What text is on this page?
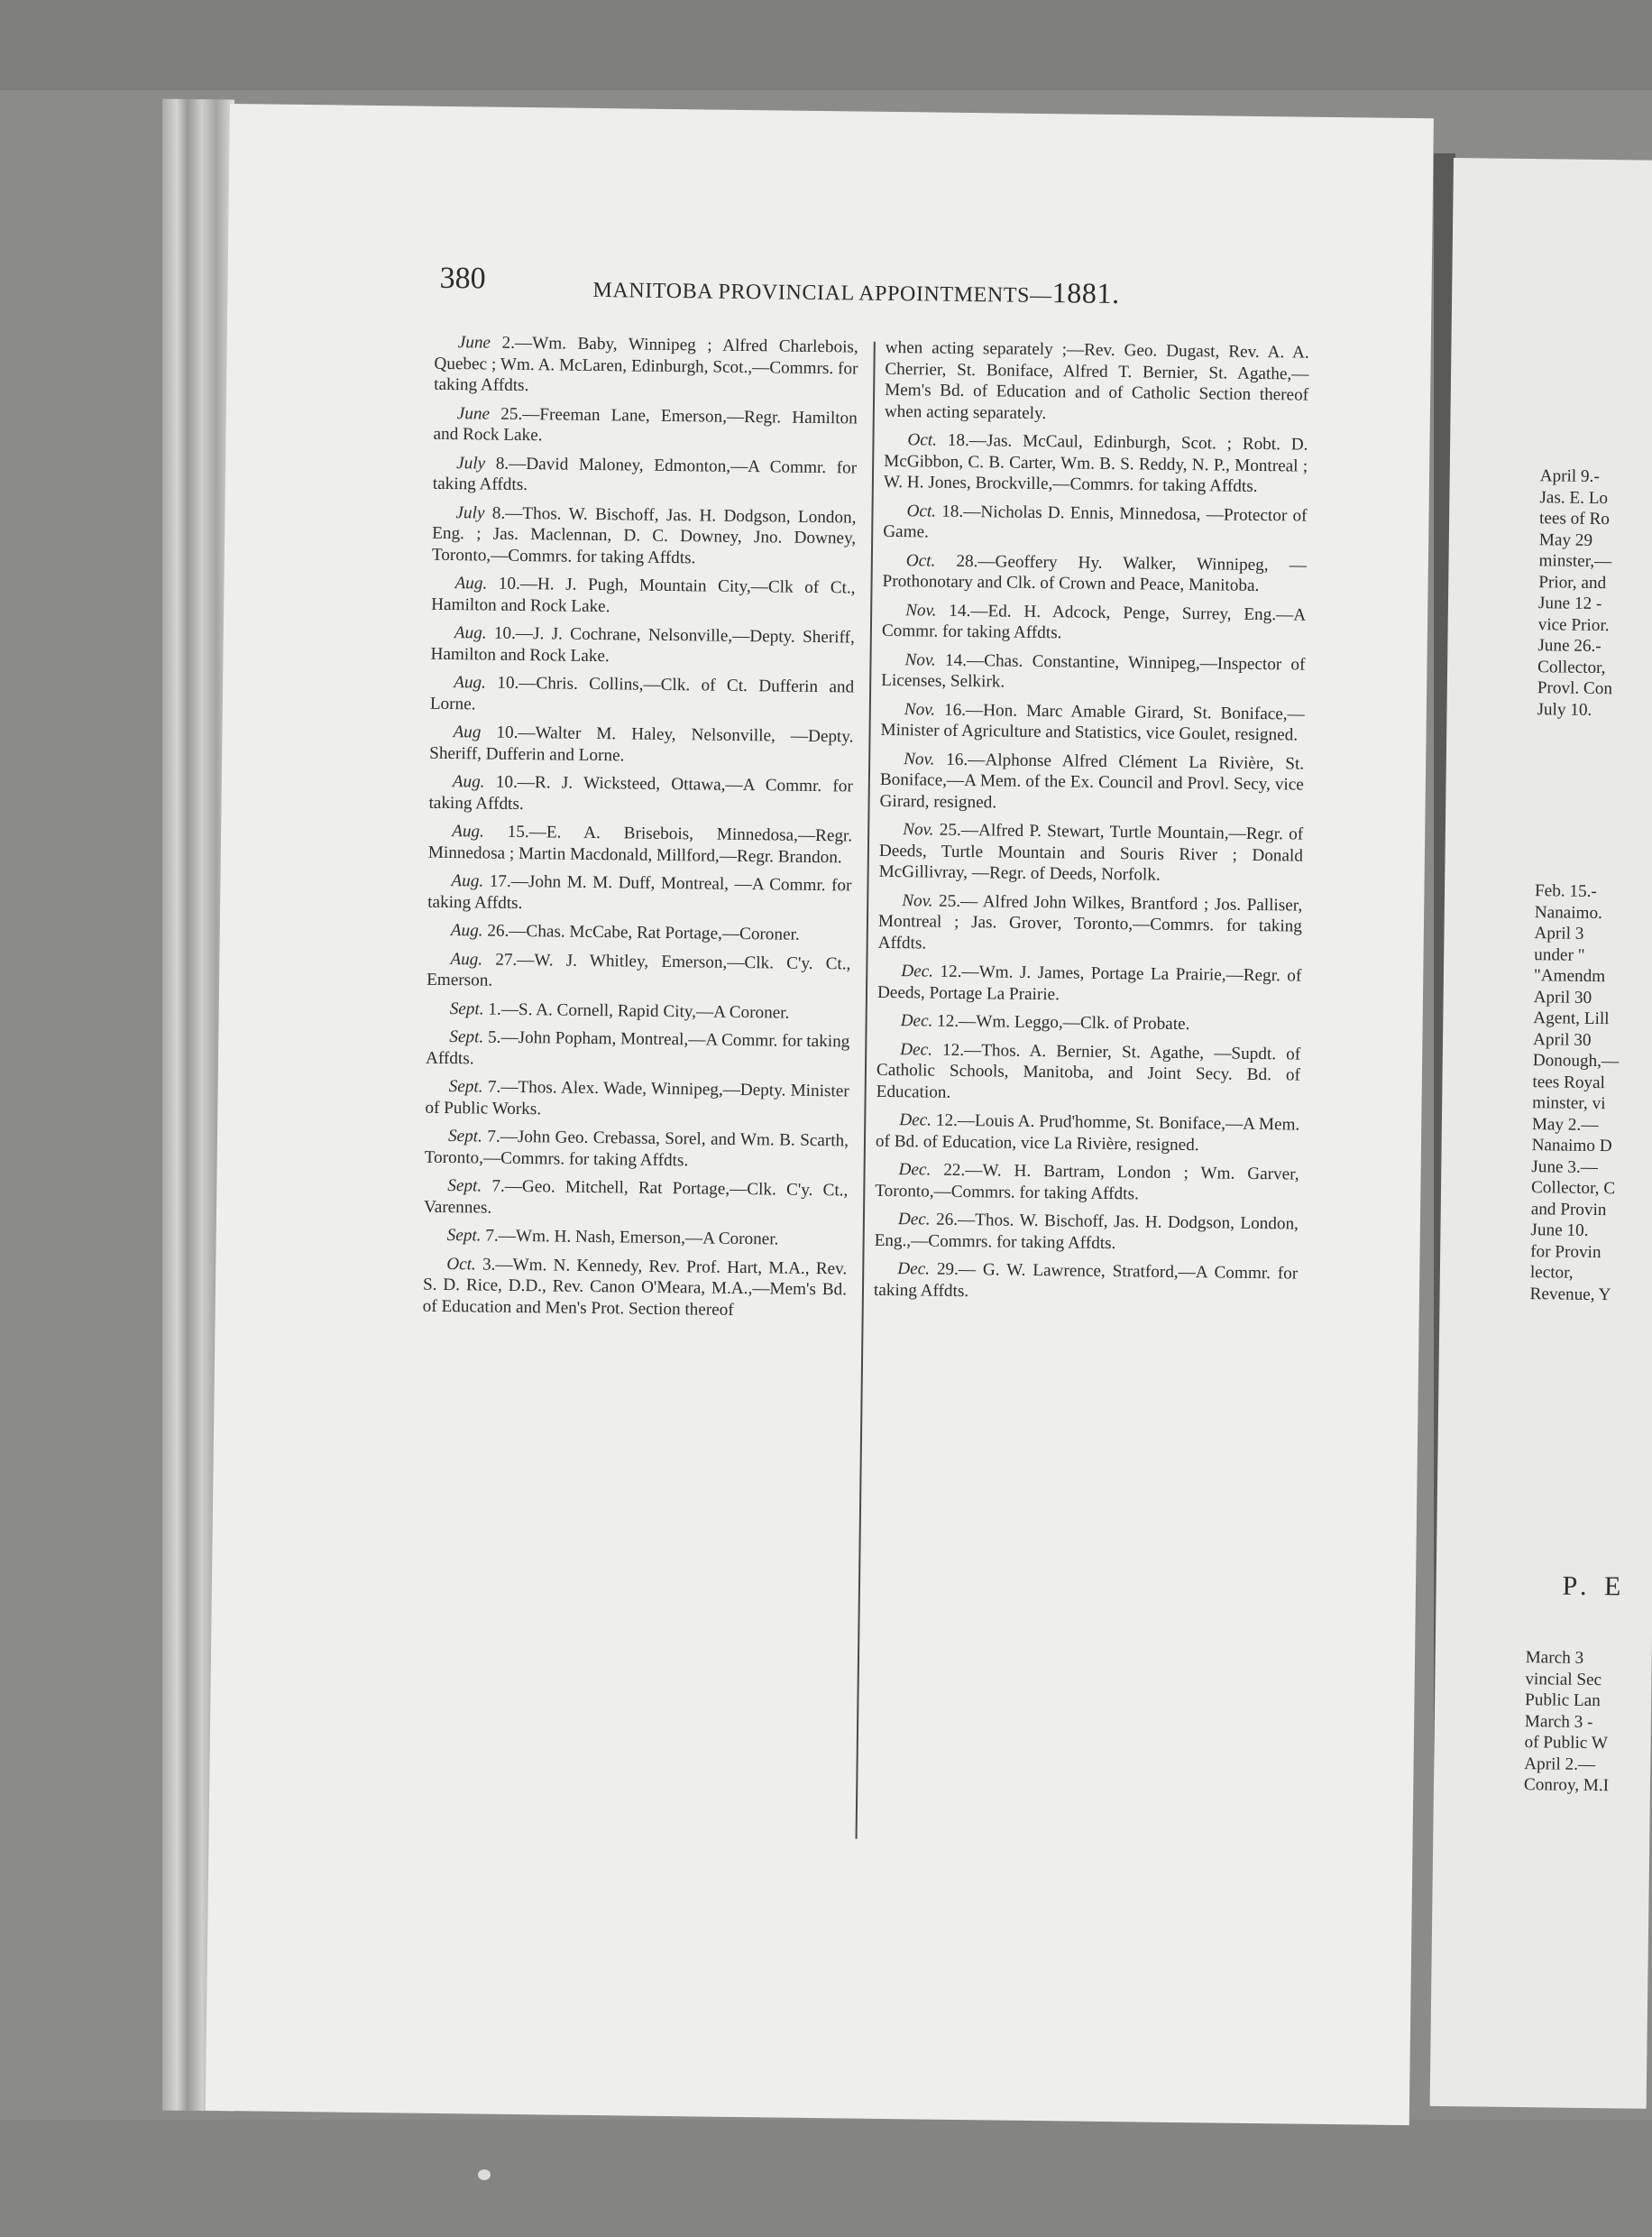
April 9.-
Jas. E. Lo
tees of Ro
May 29
minster,—
Prior, and
June 12 -
vice Prior.
June 26.-
Collector,
Provl. Con
July 10.
Feb. 15.-
Nanaimo.
April 3
under "
"Amendm
April 30
Agent, Lill
April 30
Donough,—
tees Royal
minster, vi
May 2.—
Nanaimo D
June 3.—
Collector, C
and Provin
June 10.
for Provin
lector,
Revenue, Y
P. E
March 3
vincial Sec
Public Lan
March 3 -
of Public W
April 2.—
Conroy, M.I
380	MANITOBA PROVINCIAL APPOINTMENTS—1881.

June 2.—Wm. Baby, Winnipeg ; Alfred Charlebois, Quebec ; Wm. A. McLaren, Edinburgh, Scot.,—Commrs. for taking Affdts.

June 25.—Freeman Lane, Emerson,—Regr. Hamilton and Rock Lake.

July 8.—David Maloney, Edmonton,—A Commr. for taking Affdts.

July 8.—Thos. W. Bischoff, Jas. H. Dodgson, London, Eng. ; Jas. Maclennan, D. C. Downey, Jno. Downey, Toronto,—Commrs. for taking Affdts.

Aug. 10.—H. J. Pugh, Mountain City,—Clk of Ct., Hamilton and Rock Lake.

Aug. 10.—J. J. Cochrane, Nelsonville,—Depty. Sheriff, Hamilton and Rock Lake.

Aug. 10.—Chris. Collins,—Clk. of Ct. Dufferin and Lorne.

Aug 10.—Walter M. Haley, Nelsonville, —Depty. Sheriff, Dufferin and Lorne.

Aug. 10.—R. J. Wicksteed, Ottawa,—A Commr. for taking Affdts.

Aug. 15.—E. A. Brisebois, Minnedosa,—Regr. Minnedosa ; Martin Macdonald, Millford,—Regr. Brandon.

Aug. 17.—John M. M. Duff, Montreal, —A Commr. for taking Affdts.

Aug. 26.—Chas. McCabe, Rat Portage,—Coroner.

Aug. 27.—W. J. Whitley, Emerson,—Clk. C'y. Ct., Emerson.

Sept. 1.—S. A. Cornell, Rapid City,—A Coroner.

Sept. 5.—John Popham, Montreal,—A Commr. for taking Affdts.

Sept. 7.—Thos. Alex. Wade, Winnipeg,—Depty. Minister of Public Works.

Sept. 7.—John Geo. Crebassa, Sorel, and Wm. B. Scarth, Toronto,—Commrs. for taking Affdts.

Sept. 7.—Geo. Mitchell, Rat Portage,—Clk. C'y. Ct., Varennes.

Sept. 7.—Wm. H. Nash, Emerson,—A Coroner.

Oct. 3.—Wm. N. Kennedy, Rev. Prof. Hart, M.A., Rev. S. D. Rice, D.D., Rev. Canon O'Meara, M.A.,—Mem's Bd. of Education and Men's Prot. Section thereof

when acting separately ;—Rev. Geo. Dugast, Rev. A. A. Cherrier, St. Boniface, Alfred T. Bernier, St. Agathe,—Mem's Bd. of Education and of Catholic Section thereof when acting separately.

Oct. 18.—Jas. McCaul, Edinburgh, Scot. ; Robt. D. McGibbon, C. B. Carter, Wm. B. S. Reddy, N. P., Montreal ; W. H. Jones, Brockville,—Commrs. for taking Affdts.

Oct. 18.—Nicholas D. Ennis, Minnedosa, —Protector of Game.

Oct. 28.—Geoffery Hy. Walker, Winnipeg, —Prothonotary and Clk. of Crown and Peace, Manitoba.

Nov. 14.—Ed. H. Adcock, Penge, Surrey, Eng.—A Commr. for taking Affdts.

Nov. 14.—Chas. Constantine, Winnipeg,—Inspector of Licenses, Selkirk.

Nov. 16.—Hon. Marc Amable Girard, St. Boniface,—Minister of Agriculture and Statistics, vice Goulet, resigned.

Nov. 16.—Alphonse Alfred Clément La Rivière, St. Boniface,—A Mem. of the Ex. Council and Provl. Secy, vice Girard, resigned.

Nov. 25.—Alfred P. Stewart, Turtle Mountain,—Regr. of Deeds, Turtle Mountain and Souris River ; Donald McGillivray, —Regr. of Deeds, Norfolk.

Nov. 25.— Alfred John Wilkes, Brantford ; Jos. Palliser, Montreal ; Jas. Grover, Toronto,—Commrs. for taking Affdts.

Dec. 12.—Wm. J. James, Portage La Prairie,—Regr. of Deeds, Portage La Prairie.

Dec. 12.—Wm. Leggo,—Clk. of Probate.

Dec. 12.—Thos. A. Bernier, St. Agathe, —Supdt. of Catholic Schools, Manitoba, and Joint Secy. Bd. of Education.

Dec. 12.—Louis A. Prud'homme, St. Boniface,—A Mem. of Bd. of Education, vice La Rivière, resigned.

Dec. 22.—W. H. Bartram, London ; Wm. Garver, Toronto,—Commrs. for taking Affdts.

Dec. 26.—Thos. W. Bischoff, Jas. H. Dodgson, London, Eng.,—Commrs. for taking Affdts.

Dec. 29.— G. W. Lawrence, Stratford,—A Commr. for taking Affdts.
